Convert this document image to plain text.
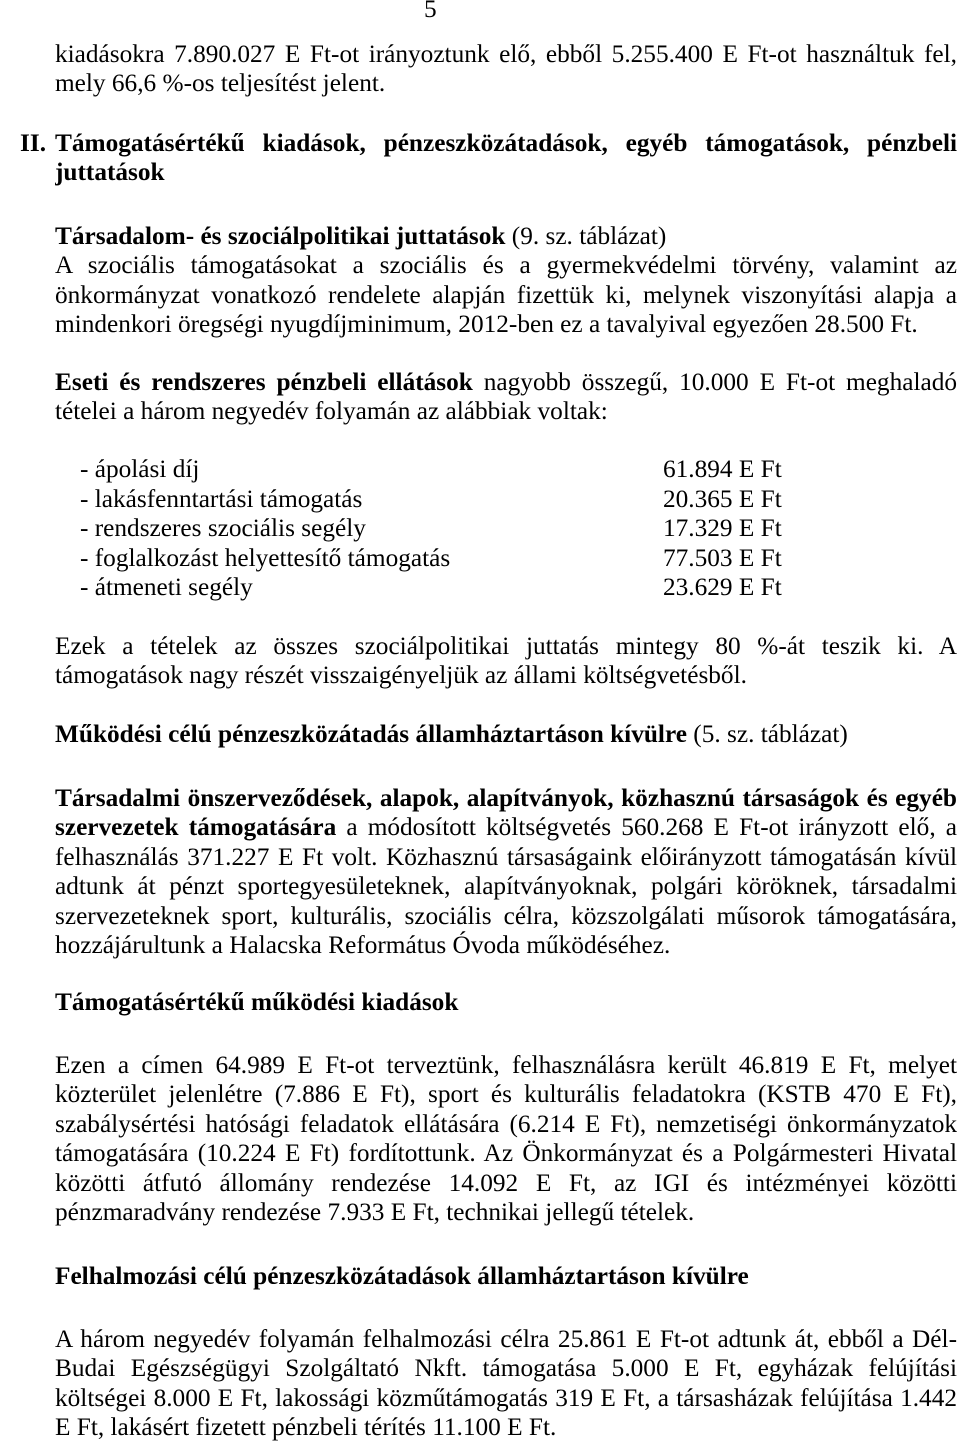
5
kiadásokra 7.890.027 E Ft-ot irányoztunk elő, ebből 5.255.400 E Ft-ot használtuk fel,
mely 66,6 %-os teljesítést jelent.
II. Támogatásértékű kiadások, pénzeszközátadások, egyéb támogatások, pénzbeli
juttatások
Társadalom- és szociálpolitikai juttatások (9. sz. táblázat)
A szociális támogatásokat a szociális és a gyermekvédelmi törvény, valamint az
önkormányzat vonatkozó rendelete alapján fizettük ki, melynek viszonyítási alapja a
mindenkori öregségi nyugdíjminimum, 2012-ben ez a tavalyival egyezően 28.500 Ft.
Eseti és rendszeres pénzbeli ellátások nagyobb összegű, 10.000 E Ft-ot meghaladó
tételei a három negyedév folyamán az alábbiak voltak:
- ápolási díj	61.894 E Ft
- lakásfenntartási támogatás	20.365 E Ft
- rendszeres szociális segély	17.329 E Ft
- foglalkozást helyettesítő támogatás	77.503 E Ft
- átmeneti segély	23.629 E Ft
Ezek a tételek az összes szociálpolitikai juttatás mintegy 80 %-át teszik ki. A
támogatások nagy részét visszaigényeljük az állami költségvetésből.
Működési célú pénzeszközátadás államháztartáson kívülre (5. sz. táblázat)
Társadalmi önszerveződések, alapok, alapítványok, közhasznú társaságok és egyéb
szervezetek támogatására a módosított költségvetés 560.268 E Ft-ot irányzott elő, a
felhasználás 371.227 E Ft volt. Közhasznú társaságaink előirányzott támogatásán kívül
adtunk át pénzt sportegyesületeknek, alapítványoknak, polgári köröknek, társadalmi
szervezeteknek sport, kulturális, szociális célra, közszolgálati műsorok támogatására,
hozzájárultunk a Halacska Református Óvoda működéséhez.
Támogatásértékű működési kiadások
Ezen a címen 64.989 E Ft-ot terveztünk, felhasználásra került 46.819 E Ft, melyet
közterület jelenlétre (7.886 E Ft), sport és kulturális feladatokra (KSTB 470 E Ft),
szabálysértési hatósági feladatok ellátására (6.214 E Ft), nemzetiségi önkormányzatok
támogatására (10.224 E Ft) fordítottunk. Az Önkormányzat és a Polgármesteri Hivatal
közötti átfutó állomány rendezése 14.092 E Ft, az IGI és intézményei közötti
pénzmaradvány rendezése 7.933 E Ft, technikai jellegű tételek.
Felhalmozási célú pénzeszközátadások államháztartáson kívülre
A három negyedév folyamán felhalmozási célra 25.861 E Ft-ot adtunk át, ebből a Dél-
Budai Egészségügyi Szolgáltató Nkft. támogatása 5.000 E Ft, egyházak felújítási
költségei 8.000 E Ft, lakossági közműtámogatás 319 E Ft, a társasházak felújítása 1.442
E Ft, lakásért fizetett pénzbeli térítés 11.100 E Ft.
